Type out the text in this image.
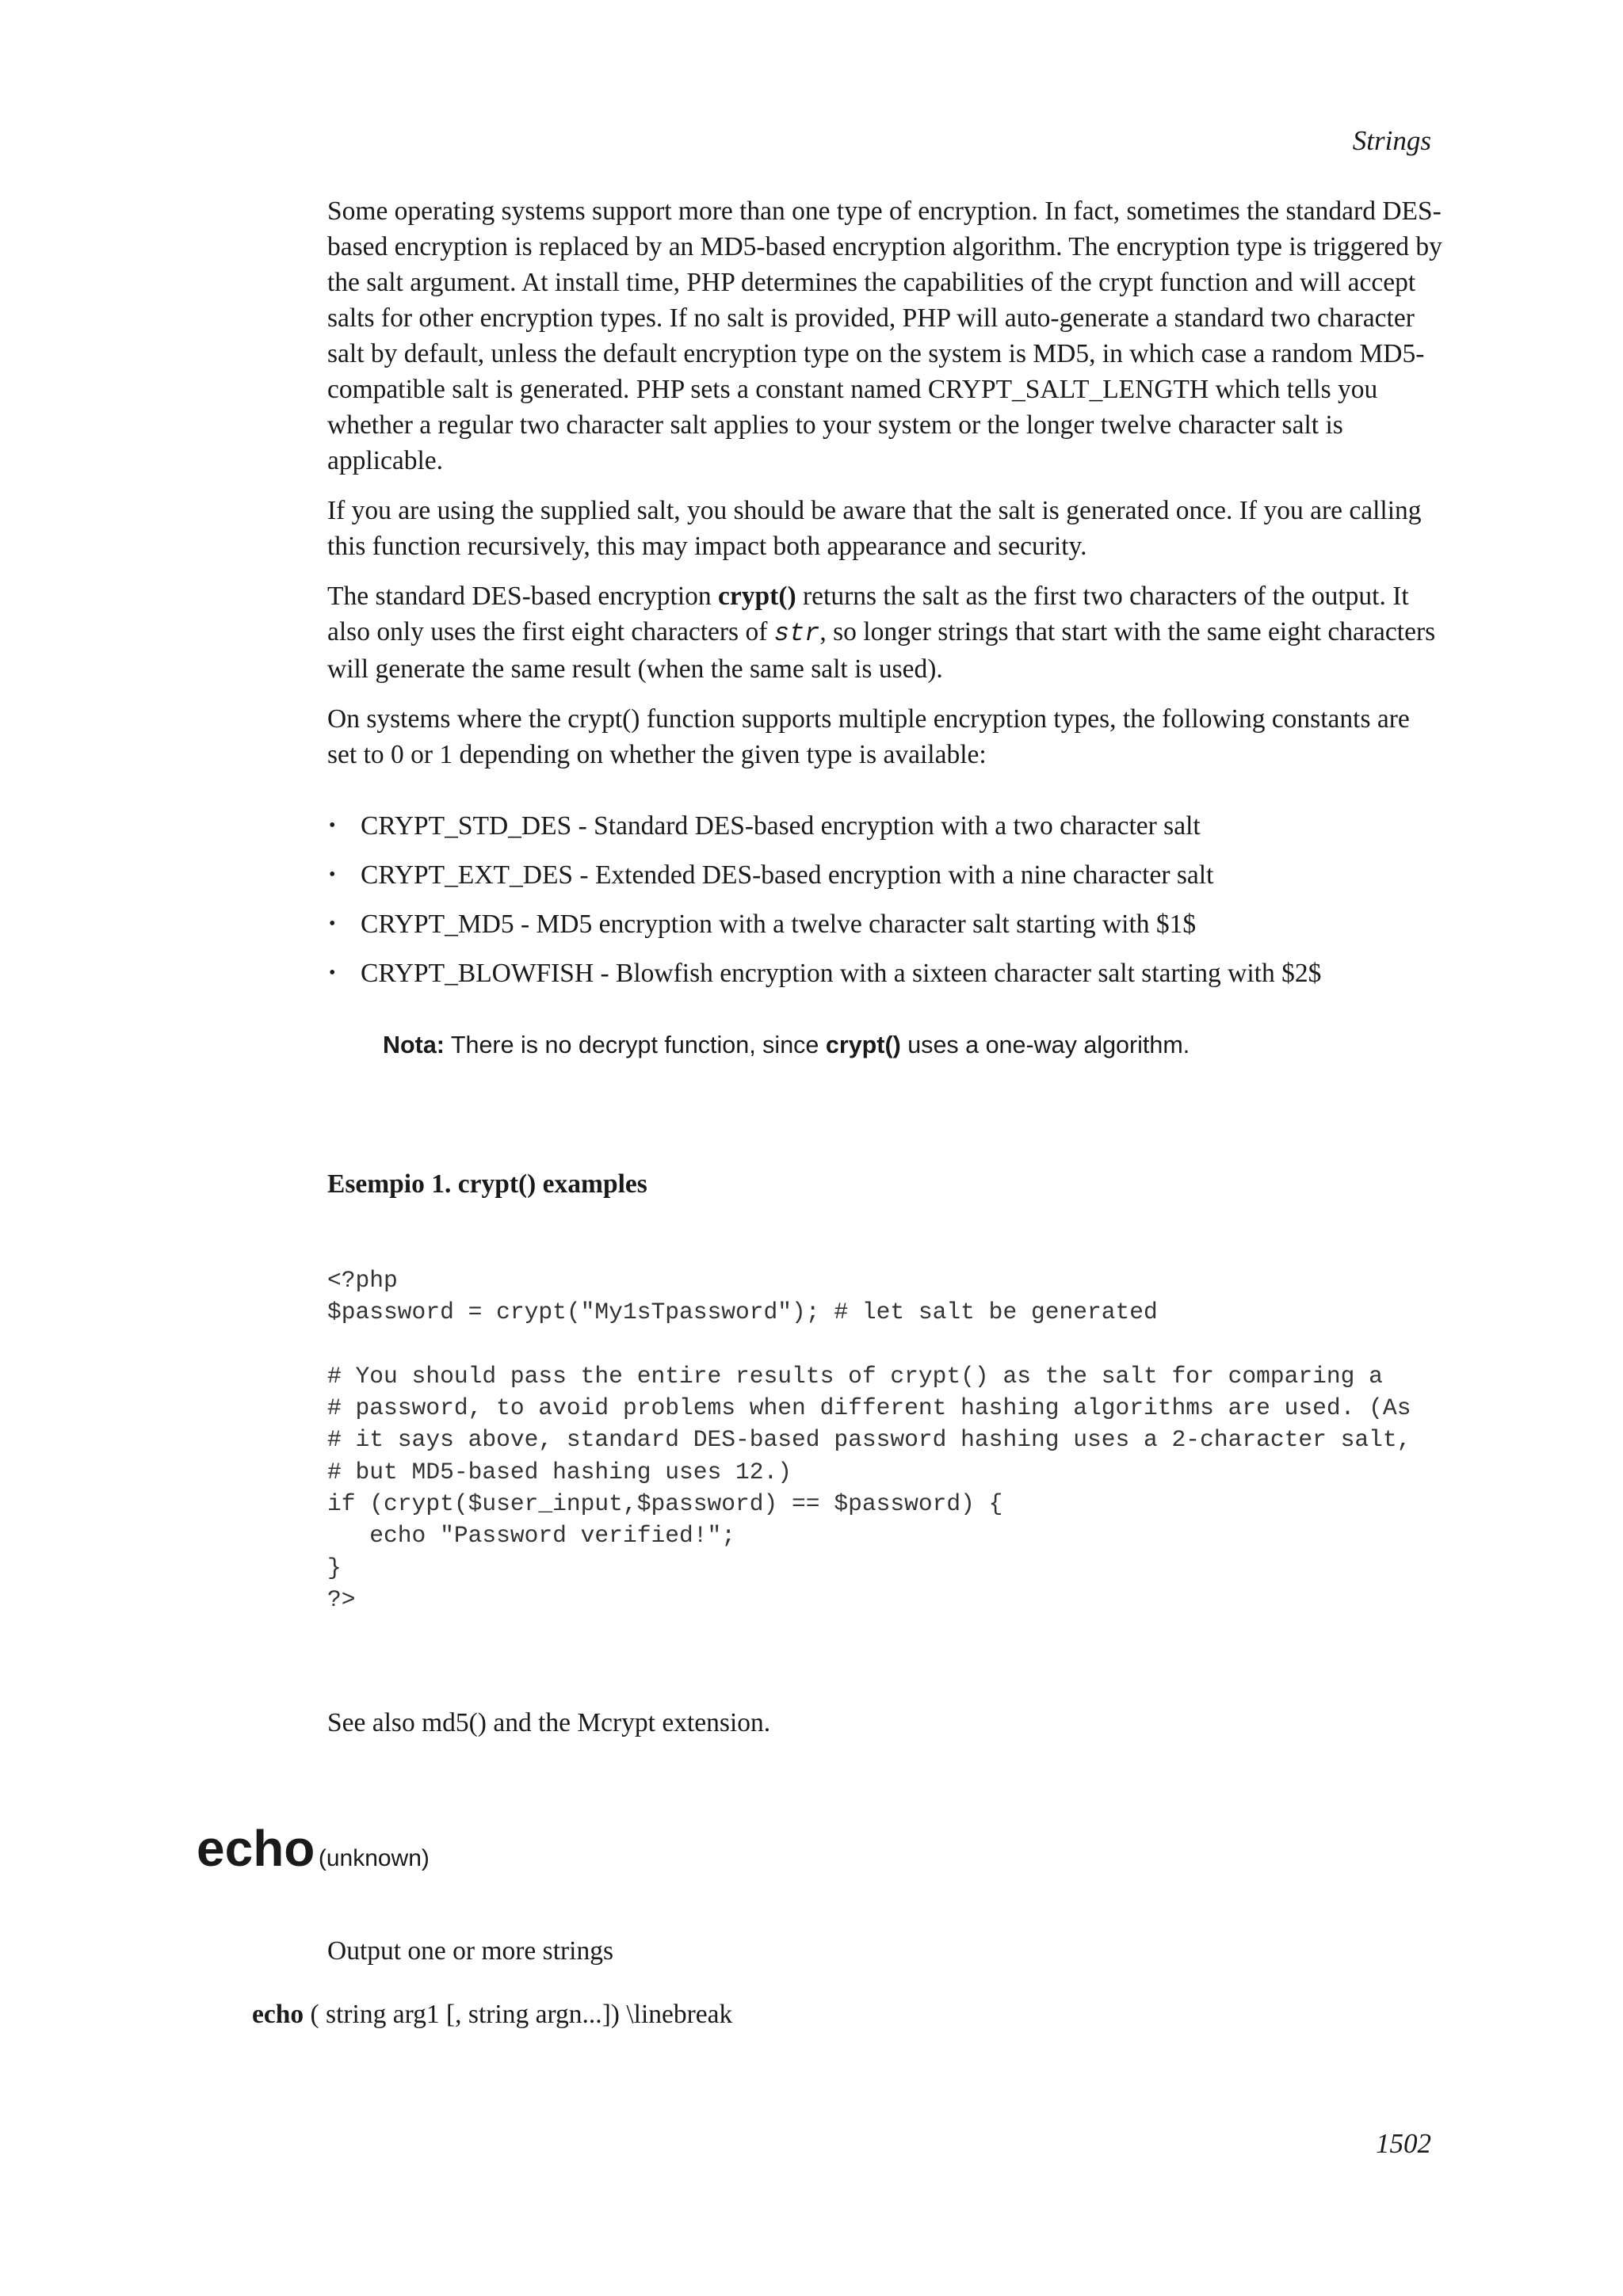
Strings

Some operating systems support more than one type of encryption. In fact, sometimes the standard DES-based encryption is replaced by an MD5-based encryption algorithm. The encryption type is triggered by the salt argument. At install time, PHP determines the capabilities of the crypt function and will accept salts for other encryption types. If no salt is provided, PHP will auto-generate a standard two character salt by default, unless the default encryption type on the system is MD5, in which case a random MD5-compatible salt is generated. PHP sets a constant named CRYPT_SALT_LENGTH which tells you whether a regular two character salt applies to your system or the longer twelve character salt is applicable.

If you are using the supplied salt, you should be aware that the salt is generated once. If you are calling this function recursively, this may impact both appearance and security.

The standard DES-based encryption crypt() returns the salt as the first two characters of the output. It also only uses the first eight characters of str, so longer strings that start with the same eight characters will generate the same result (when the same salt is used).

On systems where the crypt() function supports multiple encryption types, the following constants are set to 0 or 1 depending on whether the given type is available:

• CRYPT_STD_DES - Standard DES-based encryption with a two character salt
• CRYPT_EXT_DES - Extended DES-based encryption with a nine character salt
• CRYPT_MD5 - MD5 encryption with a twelve character salt starting with $1$
• CRYPT_BLOWFISH - Blowfish encryption with a sixteen character salt starting with $2$
Nota: There is no decrypt function, since crypt() uses a one-way algorithm.
Esempio 1. crypt() examples
<?php
$password = crypt("My1sTpassword"); # let salt be generated

# You should pass the entire results of crypt() as the salt for comparing a
# password, to avoid problems when different hashing algorithms are used. (As
# it says above, standard DES-based password hashing uses a 2-character salt,
# but MD5-based hashing uses 12.)
if (crypt($user_input,$password) == $password) {
echo "Password verified!";
}
?>
See also md5() and the Mcrypt extension.
echo (unknown)
Output one or more strings
echo ( string arg1 [, string argn...]) \linebreak
1502
